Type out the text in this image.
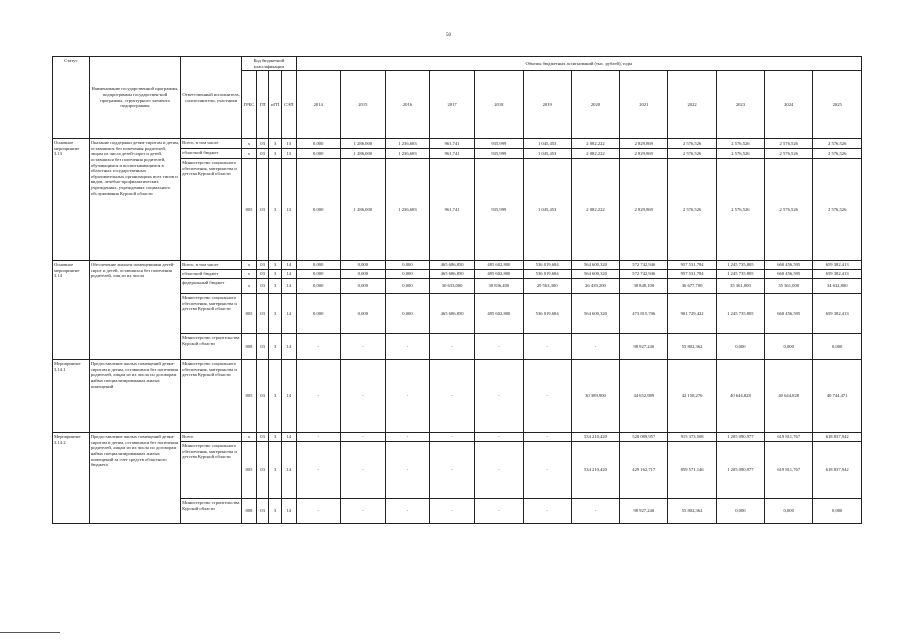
50
Статус	Наименование государственной программы, подпрограммы государствен-ной программы, структурного элемента подпрограммы	Ответственный исполнитель, соисполнители, участники	Код бюджетной классификации				Объемы бюджетных ассигнований (тыс. рублей), годы											
			ГРБС	ГП	пГП	СЭП	2014	2015	2016	2017	2018	2019	2020	2021	2022	2023	2024	2025
Основное мероприятие 3.13	Оказание поддержки детям-сиротам и детям, оставшимся без попечения родителей, лицам из числа детей-сирот и детей, оставшихся без попечения родителей, обучающимся и воспитывающимся в областных государственных образовательных организациях всех типов и видов, лечебно-профилактических учреждениях, учреждениях социального обслуживания Курской области	Всего, в том числе	х	03	3	13	0,000	1 286,000	1 236,683	961,741	935,999	1 045,453	2 082,222	2 829,869	2 576,526	2 576,526	2 576,526	2 576,526
		областной бюджет	х	03	3	13	0,000	1 286,000	1 236,683	961,741	935,999	1 045,453	2 082,222	2 829,869	2 576,526	2 576,526	2 576,526	2 576,526
		Министерство социального обеспечения, материнства и детства Курской области	805	03	3	13	0,000	1 286,000	1 236,683	961,741	935,999	1 045,453	2 082,222	2 829,869	2 576,526	2 576,526	2 576,526	2 576,526
Основное мероприятие 3.14	Обеспечение жильем помещениями детей-сирот и детей, оставшихся без попечения родителей, лиц из их числа	Всего, в том числе	х	03	3	14	0,000	0,000	0,000	465 686,850	485 602,800	536 019,684	564 600,320	572 742,946	957 531,784	1 245 735,805	660 456,595	659 382,413
		областной бюджет	х	03	3	14	0,000	0,000	0,000	465 686,850	485 602,800	536 019,684	564 600,320	572 742,946	957 531,784	1 245 735,805	660 456,595	659 382,413
		федеральный бюджет	х	03	3	14	0,000	0,000	0,000	30 633,000	30 836,400	29 563,300	26 439,200	38 848,100	36 677,700	35 361,000	35 361,000	34 632,800
		Министерство социального обеспечения, материнства и детства Курской области	805	03	3	14	0,000	0,000	0,000	465 686,850	485 602,800	536 019,684	564 600,320	473 815,706	901 729,422	1 245 735,805	660 456,595	659 382,413
		Министерство строительства Курской области	808	03	3	14	-	-	-	-	-	-	-	98 927,240	55 802,362	0,000	0,000	0,000
Мероприятие 3.14.1	Предоставление жилых помещений детям-сиротам и детям, оставшимся без попечения родителей, лицам из их числа по договорам найма специализированных жилых помещений	Министерство социального обеспечения, материнства и детства Курской области	805	03	3	14	-	-	-	-	-	-	30 389,900	44 652,989	42 158,276	40 644,828	40 644,828	40 744,471
Мероприятие 3.14.2	Предоставление жилых помещений детям-сиротам и детям, оставшимся без попечения родителей, лицам из их числа по договорам найма специализированных жилых помещений за счет средств областного бюджета	Всего	х	03	3	14	-	-	-	-	-	-	534 210,420	528 089,957	915 373,508	1 205 090,977	619 811,767	618 837,942
		Министерство социального обеспечения, материнства и детства Курской области	805	03	3	14	-	-	-	-	-	-	534 210,420	429 162,717	859 571,146	1 205 090,977	619 811,767	618 837,942
		Министерство строительства Курской области	808	03	3	14	-	-	-	-	-	-	-	98 927,240	55 802,362	0,000	0,000	0,000
